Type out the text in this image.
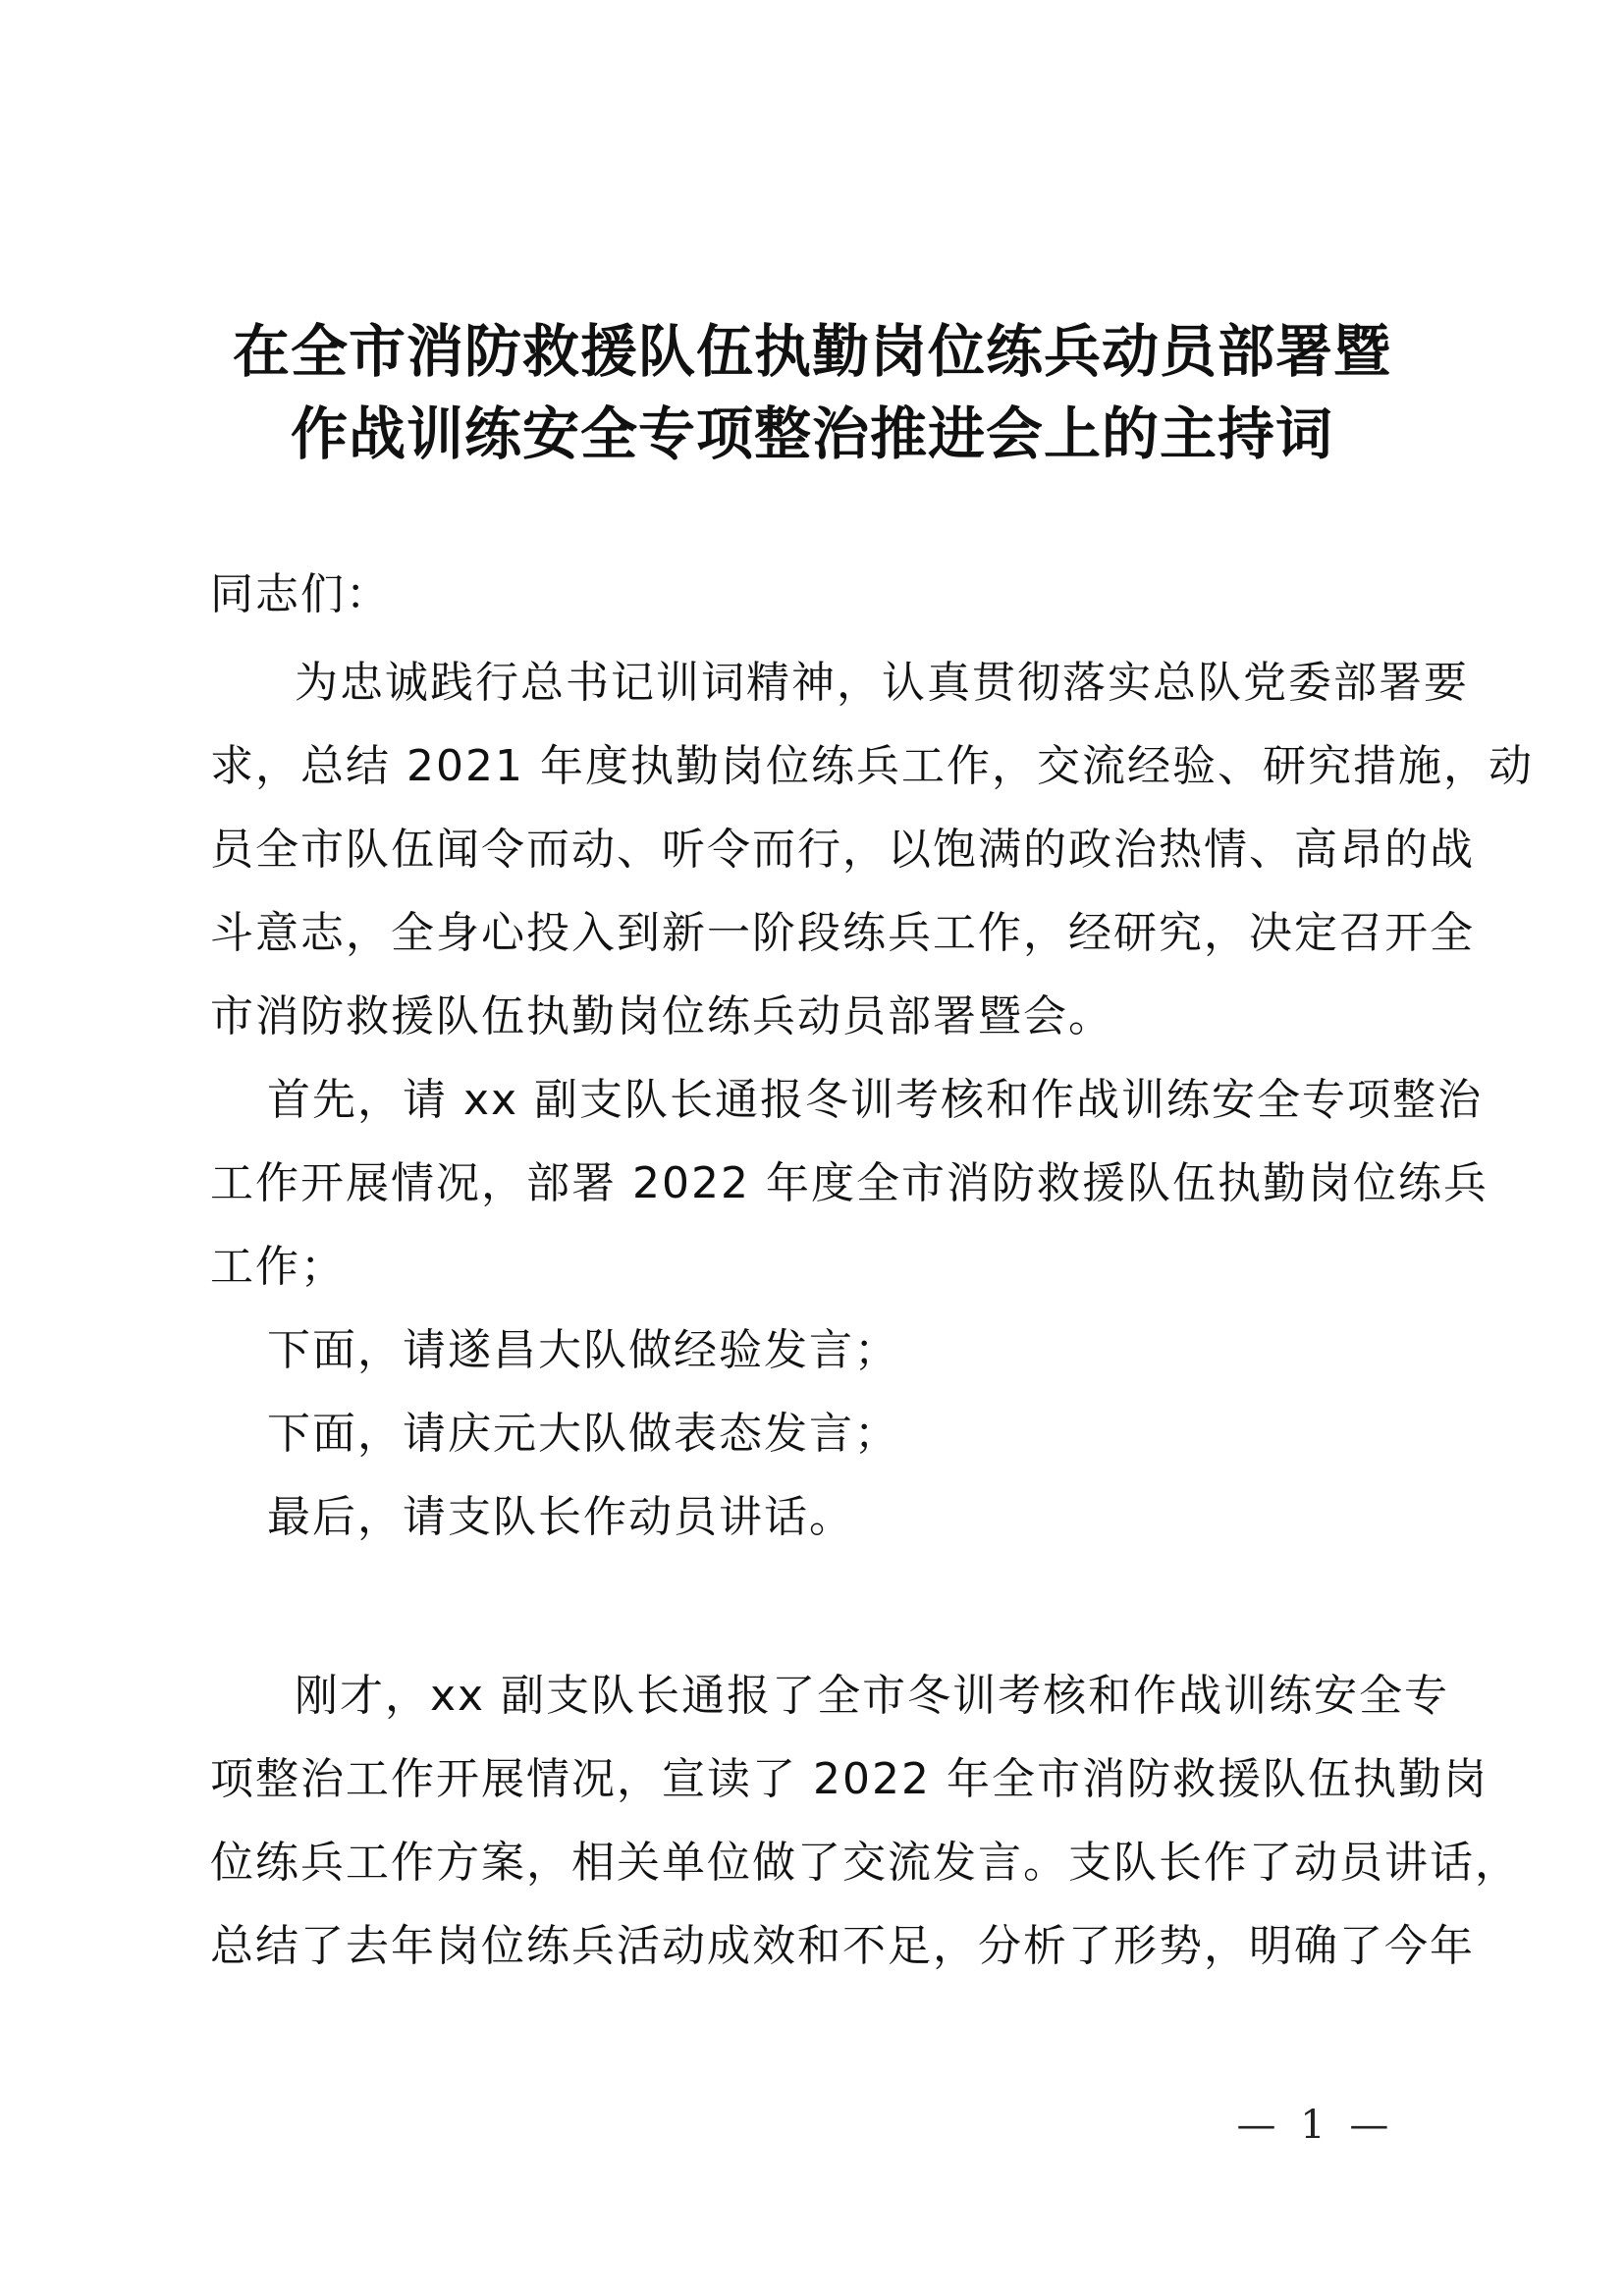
在全市消防救援队伍执勤岗位练兵动员部署暨
作战训练安全专项整治推进会上的主持词
同志们：
为忠诚践行总书记训词精神，认真贯彻落实总队党委部署要
求，总结 2021 年度执勤岗位练兵工作，交流经验、研究措施，动
员全市队伍闻令而动、听令而行，以饱满的政治热情、高昂的战
斗意志，全身心投入到新一阶段练兵工作，经研究，决定召开全
市消防救援队伍执勤岗位练兵动员部署暨会。
首先，请 xx 副支队长通报冬训考核和作战训练安全专项整治
工作开展情况，部署 2022 年度全市消防救援队伍执勤岗位练兵
工作；
下面，请遂昌大队做经验发言；
下面，请庆元大队做表态发言；
最后，请支队长作动员讲话。
刚才，xx 副支队长通报了全市冬训考核和作战训练安全专
项整治工作开展情况，宣读了 2022 年全市消防救援队伍执勤岗
位练兵工作方案，相关单位做了交流发言。支队长作了动员讲话，
总结了去年岗位练兵活动成效和不足，分析了形势，明确了今年
— 1 —
